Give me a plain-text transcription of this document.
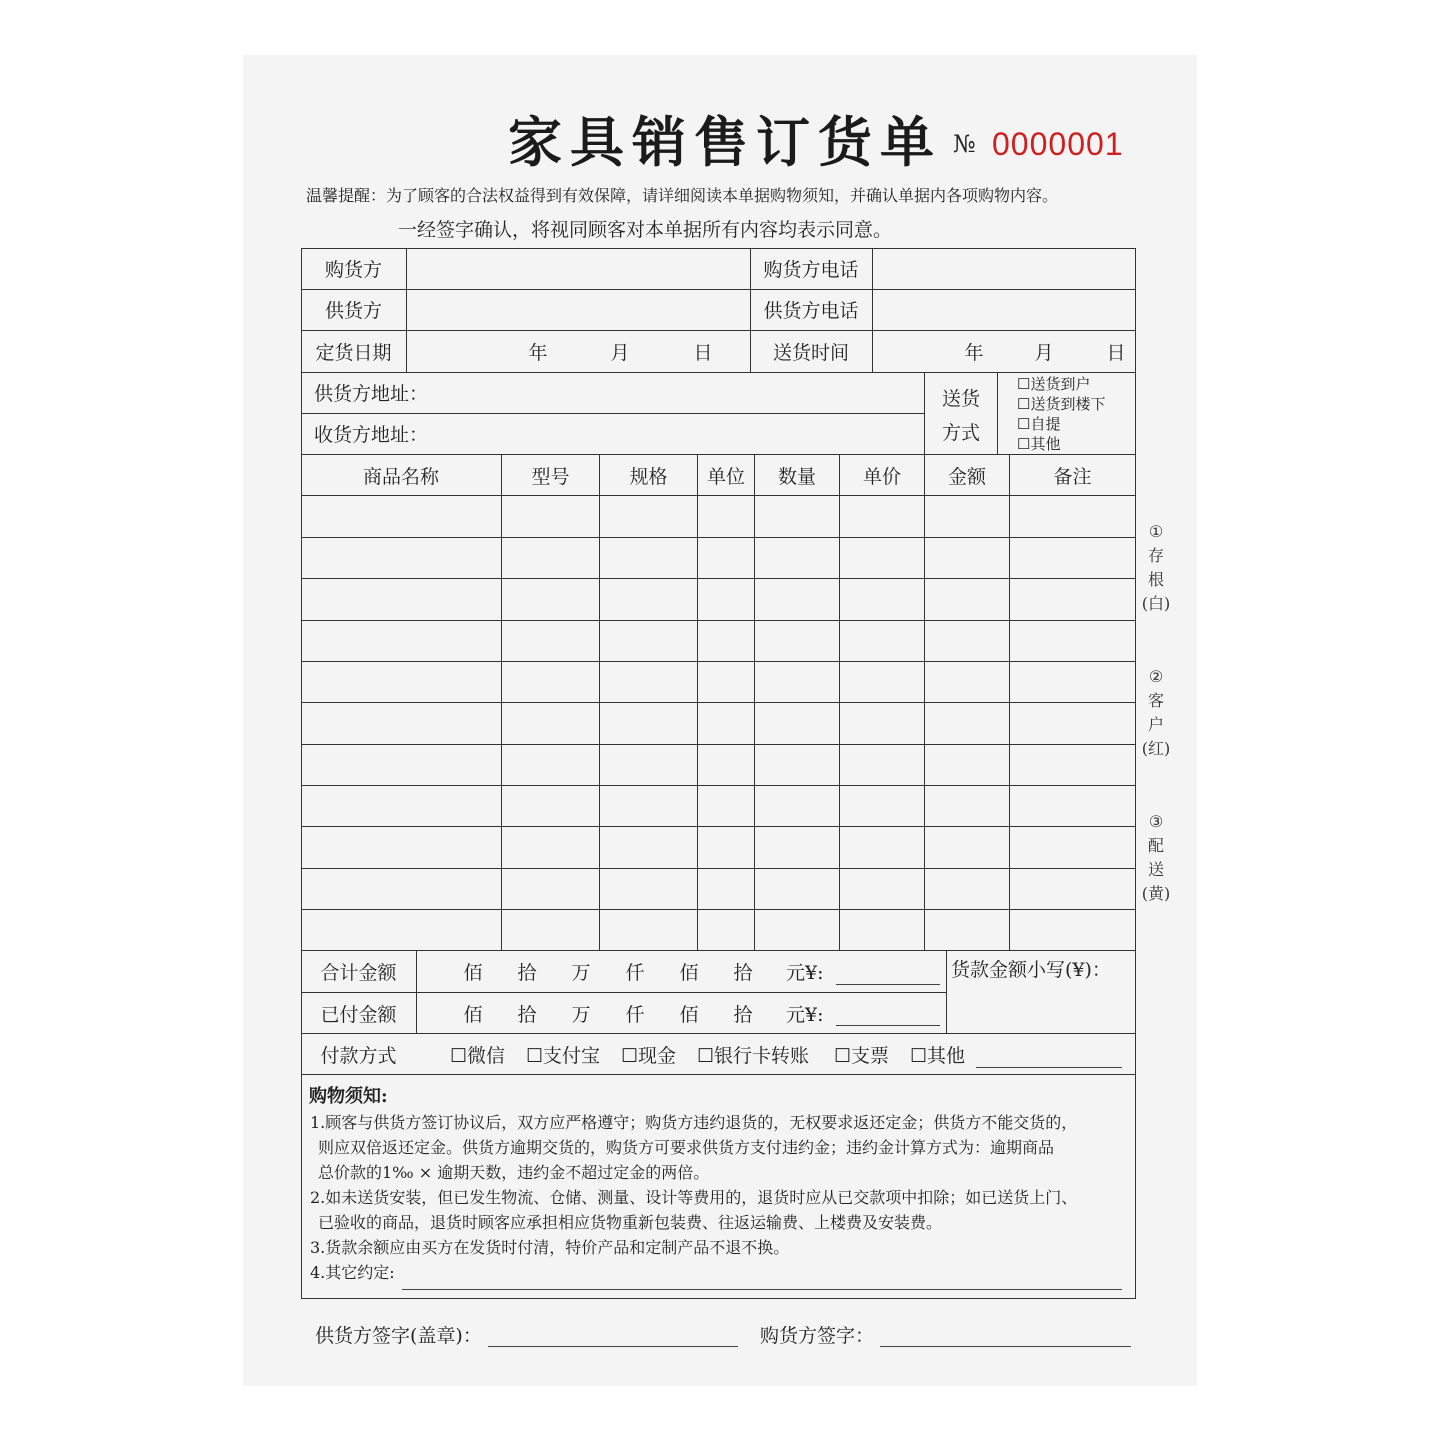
家具销售订货单 № 0000001
温馨提醒：为了顾客的合法权益得到有效保障，请详细阅读本单据购物须知，并确认单据内各项购物内容。
一经签字确认，将视同顾客对本单据所有内容均表示同意。
购货方	购货方电话
供货方	供货方电话
定货日期	年	月	日	送货时间	年	月	日
供货方地址：
收货方地址：
送货
方式
☐送货到户
☐送货到楼下
☐自提
☐其他
商品名称	型号	规格	单位	数量	单价	金额	备注
合计金额	佰 拾 万 仟 佰 拾 元¥:	货款金额小写(¥)：
已付金额	佰 拾 万 仟 佰 拾 元¥:
付款方式	☐微信 ☐支付宝 ☐现金 ☐银行卡转账 ☐支票 ☐其他
购物须知:
1.顾客与供货方签订协议后，双方应严格遵守；购货方违约退货的，无权要求返还定金；供货方不能交货的，
则应双倍返还定金。供货方逾期交货的，购货方可要求供货方支付违约金；违约金计算方式为：逾期商品
总价款的1‰ × 逾期天数，违约金不超过定金的两倍。
2.如未送货安装，但已发生物流、仓储、测量、设计等费用的，退货时应从已交款项中扣除；如已送货上门、
已验收的商品，退货时顾客应承担相应货物重新包装费、往返运输费、上楼费及安装费。
3.货款余额应由买方在发货时付清，特价产品和定制产品不退不换。
4.其它约定:
供货方签字(盖章)：	购货方签字：
①
存
根
(白)
②
客
户
(红)
③
配
送
(黄)
